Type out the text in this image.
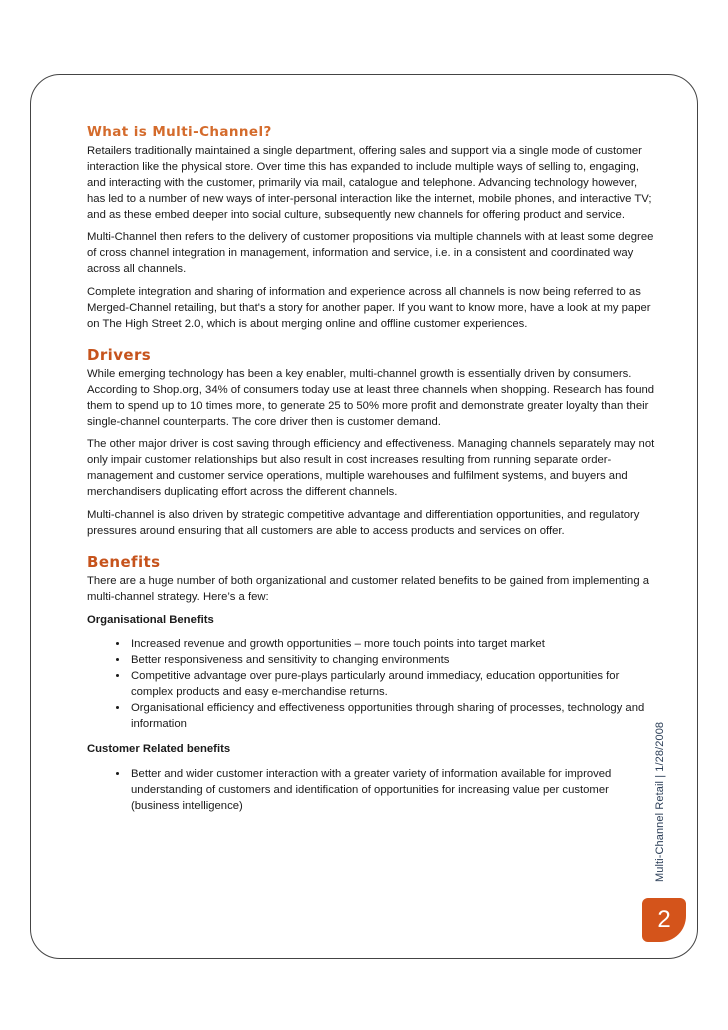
What is Multi-Channel?

Retailers traditionally maintained a single department, offering sales and support via a single mode of customer interaction like the physical store. Over time this has expanded to include multiple ways of selling to, engaging, and interacting with the customer, primarily via mail, catalogue and telephone. Advancing technology however, has led to a number of new ways of inter-personal interaction like the internet, mobile phones, and interactive TV; and as these embed deeper into social culture, subsequently new channels for offering product and service.

Multi-Channel then refers to the delivery of customer propositions via multiple channels with at least some degree of cross channel integration in management, information and service, i.e. in a consistent and coordinated way across all channels.

Complete integration and sharing of information and experience across all channels is now being referred to as Merged-Channel retailing, but that's a story for another paper. If you want to know more, have a look at my paper on The High Street 2.0, which is about merging online and offline customer experiences.

Drivers

While emerging technology has been a key enabler, multi-channel growth is essentially driven by consumers. According to Shop.org, 34% of consumers today use at least three channels when shopping. Research has found them to spend up to 10 times more, to generate 25 to 50% more profit and demonstrate greater loyalty than their single-channel counterparts. The core driver then is customer demand.

The other major driver is cost saving through efficiency and effectiveness. Managing channels separately may not only impair customer relationships but also result in cost increases resulting from running separate order-management and customer service operations, multiple warehouses and fulfilment systems, and buyers and merchandisers duplicating effort across the different channels.

Multi-channel is also driven by strategic competitive advantage and differentiation opportunities, and regulatory pressures around ensuring that all customers are able to access products and services on offer.

Benefits

There are a huge number of both organizational and customer related benefits to be gained from implementing a multi-channel strategy. Here’s a few:

Organisational Benefits
• Increased revenue and growth opportunities – more touch points into target market
• Better responsiveness and sensitivity to changing environments
• Competitive advantage over pure-plays particularly around immediacy, education opportunities for complex products and easy e-merchandise returns.
• Organisational efficiency and effectiveness opportunities through sharing of processes, technology and information
Customer Related benefits
• Better and wider customer interaction with a greater variety of information available for improved understanding of customers and identification of opportunities for increasing value per customer (business intelligence)	Multi-Channel Retail | 1/28/2008
2
